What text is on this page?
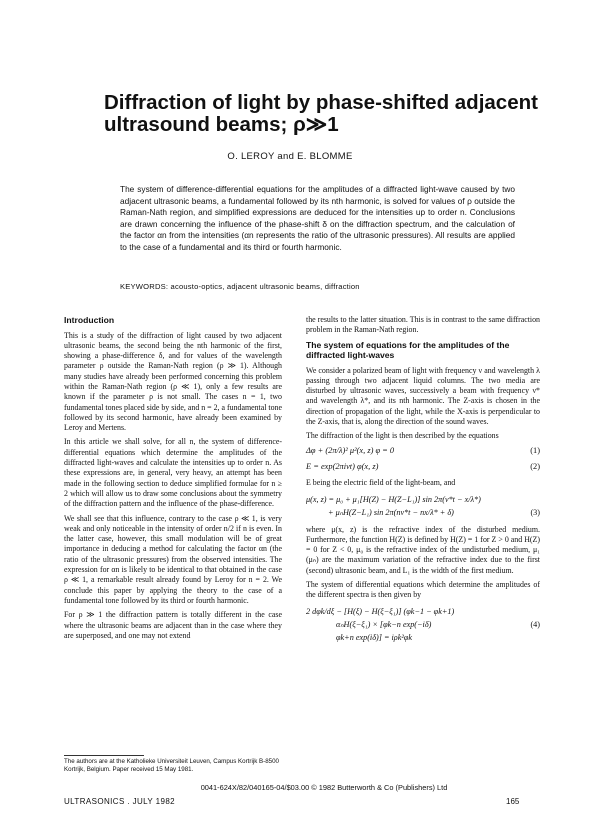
Diffraction of light by phase-shifted adjacent ultrasound beams; ρ≫1
O. LEROY and E. BLOMME

The system of difference-differential equations for the amplitudes of a diffracted light-wave caused by two adjacent ultrasonic beams, a fundamental followed by its nth harmonic, is solved for values of ρ outside the Raman-Nath region, and simplified expressions are deduced for the intensities up to order n. Conclusions are drawn concerning the influence of the phase-shift δ on the diffraction spectrum, and the calculation of the factor αn from the intensities (αn represents the ratio of the ultrasonic pressures). All results are applied to the case of a fundamental and its third or fourth harmonic.

KEYWORDS: acousto-optics, adjacent ultrasonic beams, diffraction
Introduction

This is a study of the diffraction of light caused by two adjacent ultrasonic beams, the second being the nth harmonic of the first, showing a phase-difference δ, and for values of the wavelength parameter ρ outside the Raman-Nath region (ρ ≫ 1). Although many studies have already been performed concerning this problem within the Raman-Nath region (ρ ≪ 1), only a few results are known if the parameter ρ is not small. The cases n = 1, two fundamental tones placed side by side, and n = 2, a fundamental tone followed by its second harmonic, have already been examined by Leroy and Mertens.

In this article we shall solve, for all n, the system of difference-differential equations which determine the amplitudes of the diffracted light-waves and calculate the intensities up to order n. As these expressions are, in general, very heavy, an attempt has been made in the following section to deduce simplified formulae for n ≥ 2 which will allow us to draw some conclusions about the symmetry of the diffraction pattern and the influence of the phase-difference.

We shall see that this influence, contrary to the case ρ ≪ 1, is very weak and only noticeable in the intensity of order n/2 if n is even. In the latter case, however, this small modulation will be of great importance in deducing a method for calculating the factor αn (the ratio of the ultrasonic pressures) from the observed intensities. The expression for αn is likely to be identical to that obtained in the case ρ ≪ 1, a remarkable result already found by Leroy for n = 2. We conclude this paper by applying the theory to the case of a fundamental tone followed by its third or fourth harmonic.

For ρ ≫ 1 the diffraction pattern is totally different in the case where the ultrasonic beams are adjacent than in the case where they are superposed, and one may not extend

the results to the latter situation. This is in contrast to the same diffraction problem in the Raman-Nath region.

The system of equations for the amplitudes of the diffracted light-waves

We consider a polarized beam of light with frequency ν and wavelength λ passing through two adjacent liquid columns. The two media are disturbed by ultrasonic waves, successively a beam with frequency ν* and wavelength λ*, and its nth harmonic. The Z-axis is chosen in the direction of propagation of the light, while the X-axis is perpendicular to the Z-axis, that is, along the direction of the sound waves.

The diffraction of the light is then described by the equations

Δφ + (2π/λ)² μ²(x, z) φ = 0	(1)
E = exp(2πiνt) φ(x, z)	(2)

E being the electric field of the light-beam, and

μ(x, z) = μ₀ + μ₁[H(Z) − H(Z−L₁)] sin 2π(ν*t − x/λ*)
+ μₙH(Z−L₁) sin 2π(nν*t − nx/λ* + δ)	(3)

where μ(x, z) is the refractive index of the disturbed medium. Furthermore, the function H(Z) is defined by H(Z) = 1 for Z > 0 and H(Z) = 0 for Z < 0, μ₀ is the refractive index of the undisturbed medium, μ₁ (μₙ) are the maximum variation of the refractive index due to the first (second) ultrasonic beam, and L₁ is the width of the first medium.

The system of differential equations which determine the amplitudes of the different spectra is then given by

2 dφk/dξ − [H(ξ) − H(ξ−ξ₁)] (φk−1 − φk+1)
αₙH(ξ−ξ₁) × [φk−n exp(−iδ)	(4)
φk+n exp(iδ)] = iρk²φk
The authors are at the Katholieke Universiteit Leuven, Campus Kortrijk B-8500 Kortrijk, Belgium. Paper received 15 May 1981.
0041-624X/82/040165-04/$03.00 © 1982 Butterworth & Co (Publishers) Ltd
ULTRASONICS . JULY 1982	165
